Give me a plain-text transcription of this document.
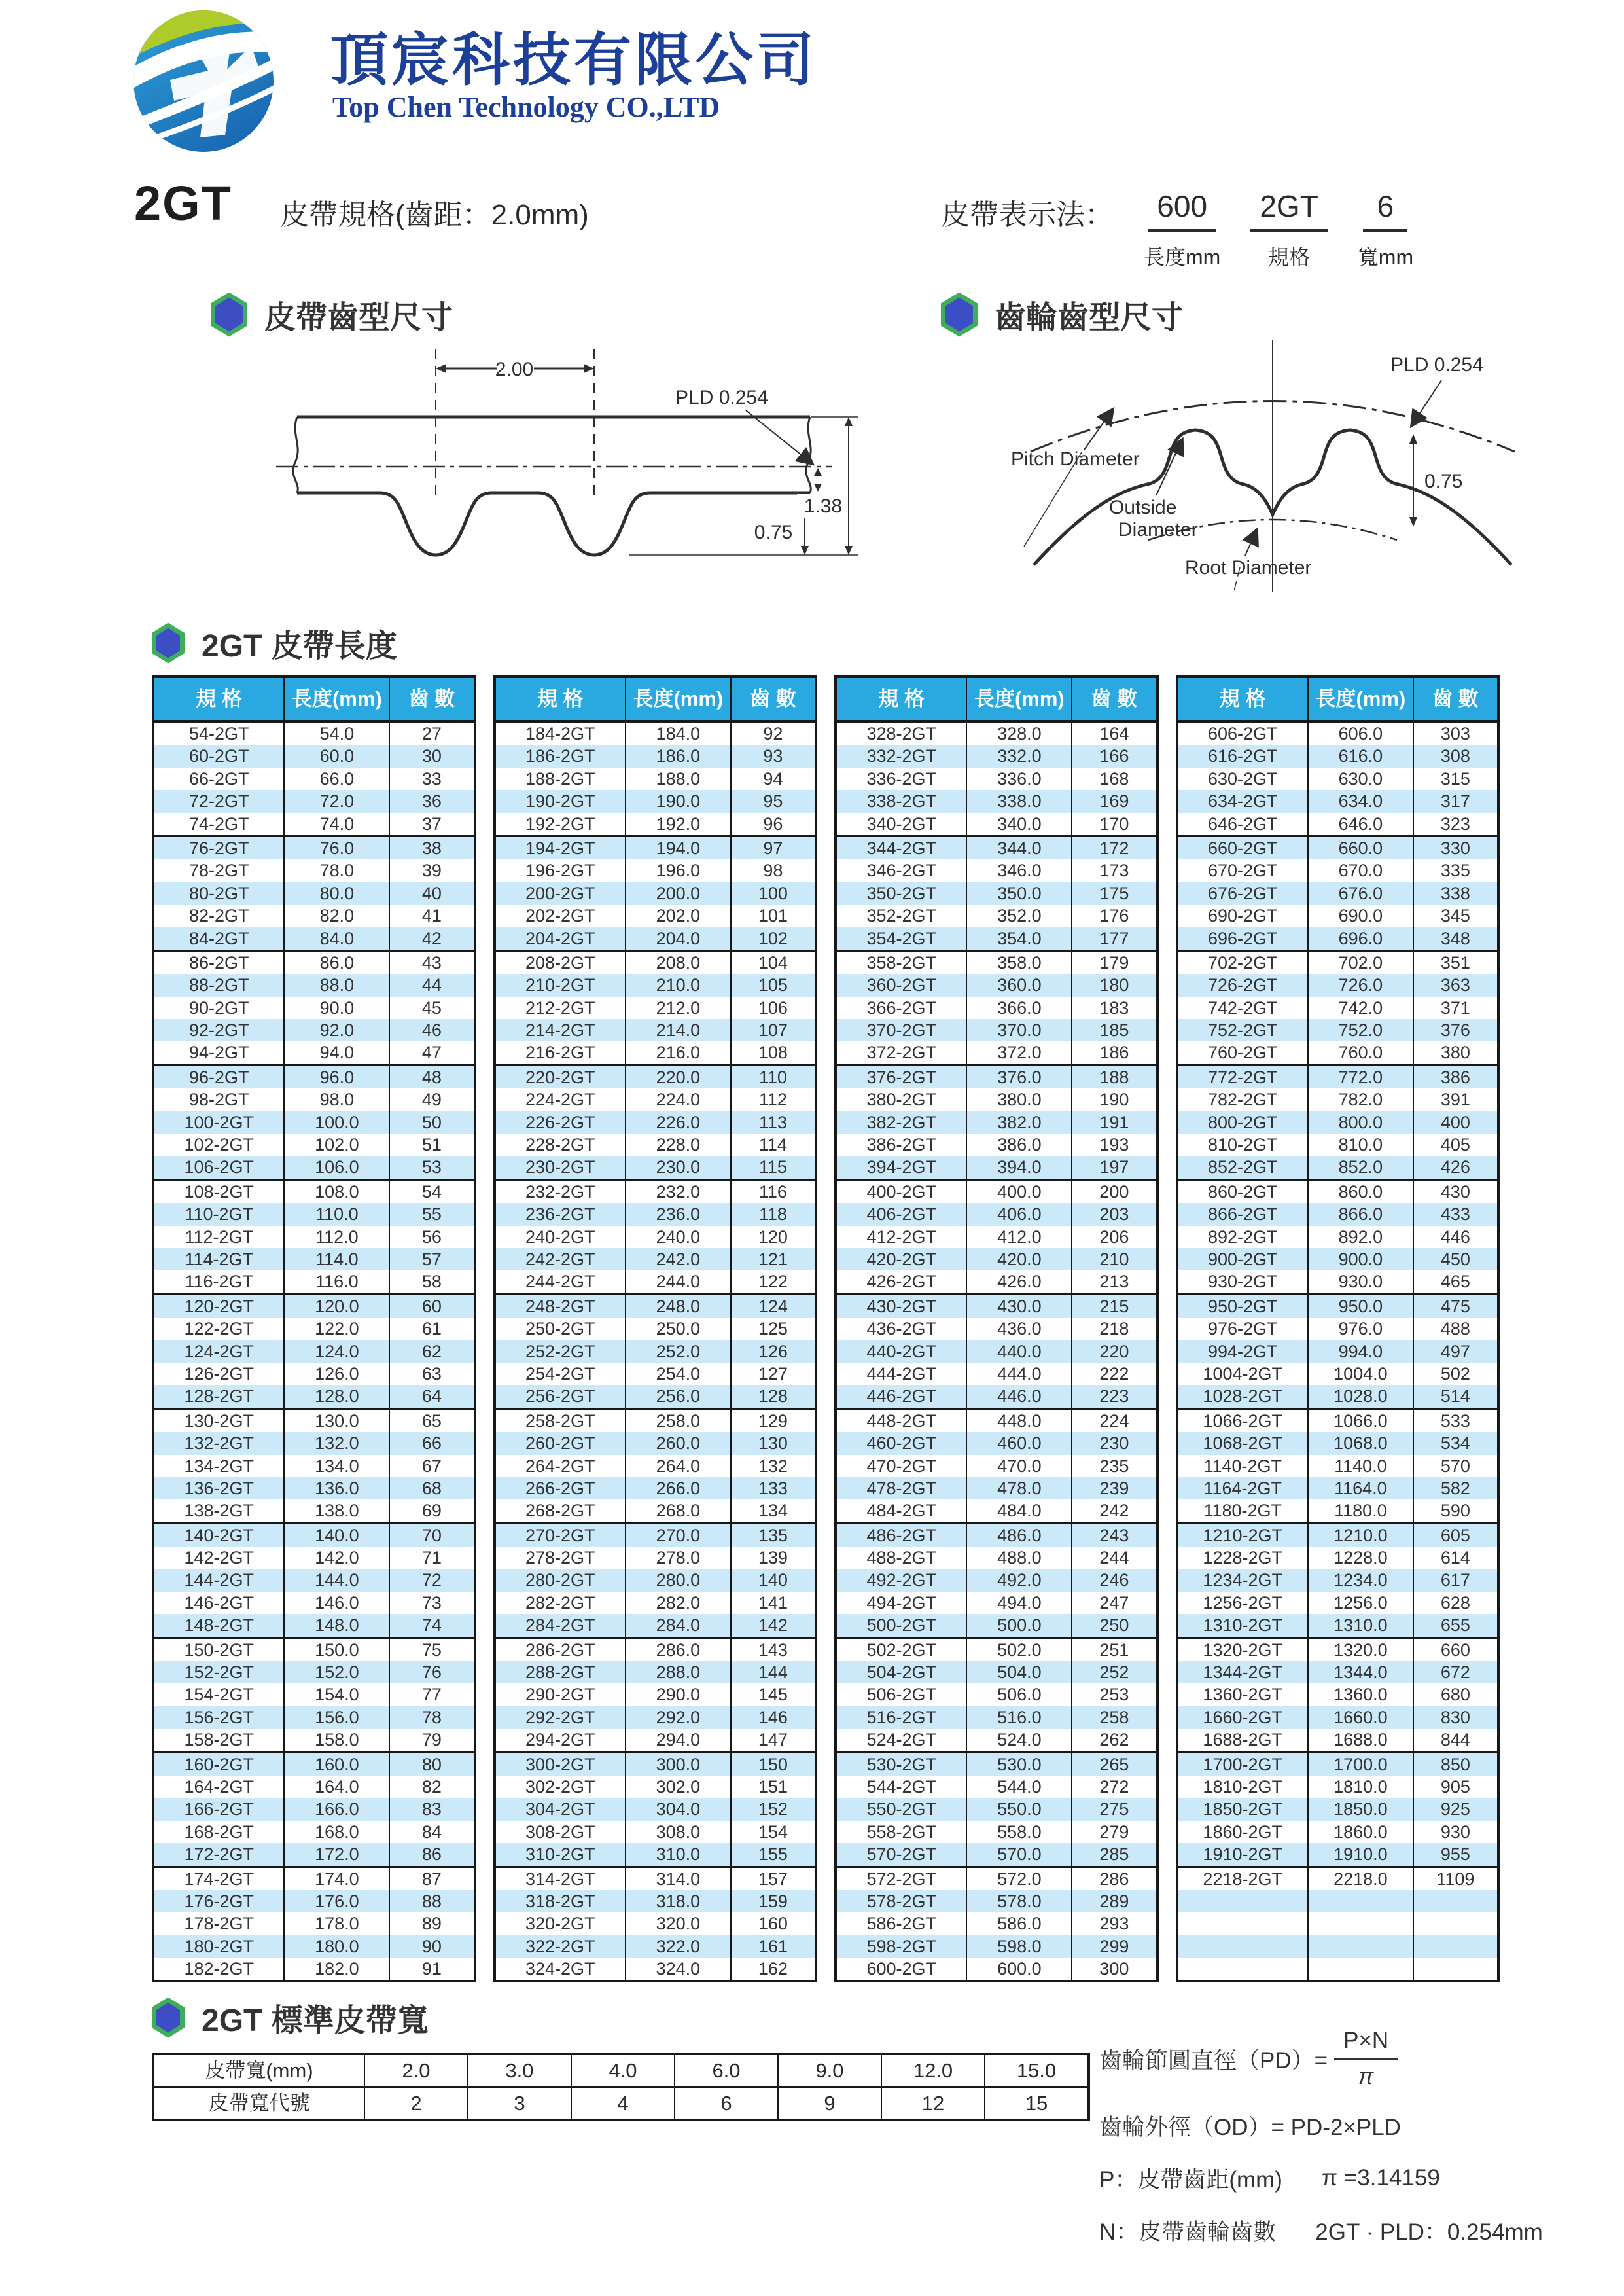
頂宸科技有限公司
Top Chen Technology CO.,LTD
2GT 皮帶規格(齒距：2.0mm)	皮帶表示法：	600
長度mm
2GT
規格
6
寬mm
皮帶齒型尺寸	齒輪齒型尺寸
2.00
PLD 0.254
1.38
0.75
PLD 0.254
0.75
Pitch Diameter
Outside
Diameter
Root Diameter
2GT 皮帶長度
規 格	長度(mm)	齒 數
54-2GT	54.0	27
60-2GT	60.0	30
66-2GT	66.0	33
72-2GT	72.0	36
74-2GT	74.0	37
76-2GT	76.0	38
78-2GT	78.0	39
80-2GT	80.0	40
82-2GT	82.0	41
84-2GT	84.0	42
86-2GT	86.0	43
88-2GT	88.0	44
90-2GT	90.0	45
92-2GT	92.0	46
94-2GT	94.0	47
96-2GT	96.0	48
98-2GT	98.0	49
100-2GT	100.0	50
102-2GT	102.0	51
106-2GT	106.0	53
108-2GT	108.0	54
110-2GT	110.0	55
112-2GT	112.0	56
114-2GT	114.0	57
116-2GT	116.0	58
120-2GT	120.0	60
122-2GT	122.0	61
124-2GT	124.0	62
126-2GT	126.0	63
128-2GT	128.0	64
130-2GT	130.0	65
132-2GT	132.0	66
134-2GT	134.0	67
136-2GT	136.0	68
138-2GT	138.0	69
140-2GT	140.0	70
142-2GT	142.0	71
144-2GT	144.0	72
146-2GT	146.0	73
148-2GT	148.0	74
150-2GT	150.0	75
152-2GT	152.0	76
154-2GT	154.0	77
156-2GT	156.0	78
158-2GT	158.0	79
160-2GT	160.0	80
164-2GT	164.0	82
166-2GT	166.0	83
168-2GT	168.0	84
172-2GT	172.0	86
174-2GT	174.0	87
176-2GT	176.0	88
178-2GT	178.0	89
180-2GT	180.0	90
182-2GT	182.0	91
規 格	長度(mm)	齒 數
184-2GT	184.0	92
186-2GT	186.0	93
188-2GT	188.0	94
190-2GT	190.0	95
192-2GT	192.0	96
194-2GT	194.0	97
196-2GT	196.0	98
200-2GT	200.0	100
202-2GT	202.0	101
204-2GT	204.0	102
208-2GT	208.0	104
210-2GT	210.0	105
212-2GT	212.0	106
214-2GT	214.0	107
216-2GT	216.0	108
220-2GT	220.0	110
224-2GT	224.0	112
226-2GT	226.0	113
228-2GT	228.0	114
230-2GT	230.0	115
232-2GT	232.0	116
236-2GT	236.0	118
240-2GT	240.0	120
242-2GT	242.0	121
244-2GT	244.0	122
248-2GT	248.0	124
250-2GT	250.0	125
252-2GT	252.0	126
254-2GT	254.0	127
256-2GT	256.0	128
258-2GT	258.0	129
260-2GT	260.0	130
264-2GT	264.0	132
266-2GT	266.0	133
268-2GT	268.0	134
270-2GT	270.0	135
278-2GT	278.0	139
280-2GT	280.0	140
282-2GT	282.0	141
284-2GT	284.0	142
286-2GT	286.0	143
288-2GT	288.0	144
290-2GT	290.0	145
292-2GT	292.0	146
294-2GT	294.0	147
300-2GT	300.0	150
302-2GT	302.0	151
304-2GT	304.0	152
308-2GT	308.0	154
310-2GT	310.0	155
314-2GT	314.0	157
318-2GT	318.0	159
320-2GT	320.0	160
322-2GT	322.0	161
324-2GT	324.0	162
規 格	長度(mm)	齒 數
328-2GT	328.0	164
332-2GT	332.0	166
336-2GT	336.0	168
338-2GT	338.0	169
340-2GT	340.0	170
344-2GT	344.0	172
346-2GT	346.0	173
350-2GT	350.0	175
352-2GT	352.0	176
354-2GT	354.0	177
358-2GT	358.0	179
360-2GT	360.0	180
366-2GT	366.0	183
370-2GT	370.0	185
372-2GT	372.0	186
376-2GT	376.0	188
380-2GT	380.0	190
382-2GT	382.0	191
386-2GT	386.0	193
394-2GT	394.0	197
400-2GT	400.0	200
406-2GT	406.0	203
412-2GT	412.0	206
420-2GT	420.0	210
426-2GT	426.0	213
430-2GT	430.0	215
436-2GT	436.0	218
440-2GT	440.0	220
444-2GT	444.0	222
446-2GT	446.0	223
448-2GT	448.0	224
460-2GT	460.0	230
470-2GT	470.0	235
478-2GT	478.0	239
484-2GT	484.0	242
486-2GT	486.0	243
488-2GT	488.0	244
492-2GT	492.0	246
494-2GT	494.0	247
500-2GT	500.0	250
502-2GT	502.0	251
504-2GT	504.0	252
506-2GT	506.0	253
516-2GT	516.0	258
524-2GT	524.0	262
530-2GT	530.0	265
544-2GT	544.0	272
550-2GT	550.0	275
558-2GT	558.0	279
570-2GT	570.0	285
572-2GT	572.0	286
578-2GT	578.0	289
586-2GT	586.0	293
598-2GT	598.0	299
600-2GT	600.0	300
規 格	長度(mm)	齒 數
606-2GT	606.0	303
616-2GT	616.0	308
630-2GT	630.0	315
634-2GT	634.0	317
646-2GT	646.0	323
660-2GT	660.0	330
670-2GT	670.0	335
676-2GT	676.0	338
690-2GT	690.0	345
696-2GT	696.0	348
702-2GT	702.0	351
726-2GT	726.0	363
742-2GT	742.0	371
752-2GT	752.0	376
760-2GT	760.0	380
772-2GT	772.0	386
782-2GT	782.0	391
800-2GT	800.0	400
810-2GT	810.0	405
852-2GT	852.0	426
860-2GT	860.0	430
866-2GT	866.0	433
892-2GT	892.0	446
900-2GT	900.0	450
930-2GT	930.0	465
950-2GT	950.0	475
976-2GT	976.0	488
994-2GT	994.0	497
1004-2GT	1004.0	502
1028-2GT	1028.0	514
1066-2GT	1066.0	533
1068-2GT	1068.0	534
1140-2GT	1140.0	570
1164-2GT	1164.0	582
1180-2GT	1180.0	590
1210-2GT	1210.0	605
1228-2GT	1228.0	614
1234-2GT	1234.0	617
1256-2GT	1256.0	628
1310-2GT	1310.0	655
1320-2GT	1320.0	660
1344-2GT	1344.0	672
1360-2GT	1360.0	680
1660-2GT	1660.0	830
1688-2GT	1688.0	844
1700-2GT	1700.0	850
1810-2GT	1810.0	905
1850-2GT	1850.0	925
1860-2GT	1860.0	930
1910-2GT	1910.0	955
2218-2GT	2218.0	1109
2GT 標準皮帶寬
皮帶寬(mm)	2.0	3.0	4.0	6.0	9.0	12.0	15.0
皮帶寬代號	2	3	4	6	9	12	15
齒輪節圓直徑$(PD)= \frac{P\times N}{\pi}$
齒輪外徑（OD）= PD-2×PLD
P：皮帶齒距(mm) π =3.14159
N：皮帶齒輪齒數 2GT · PLD：0.254mm
